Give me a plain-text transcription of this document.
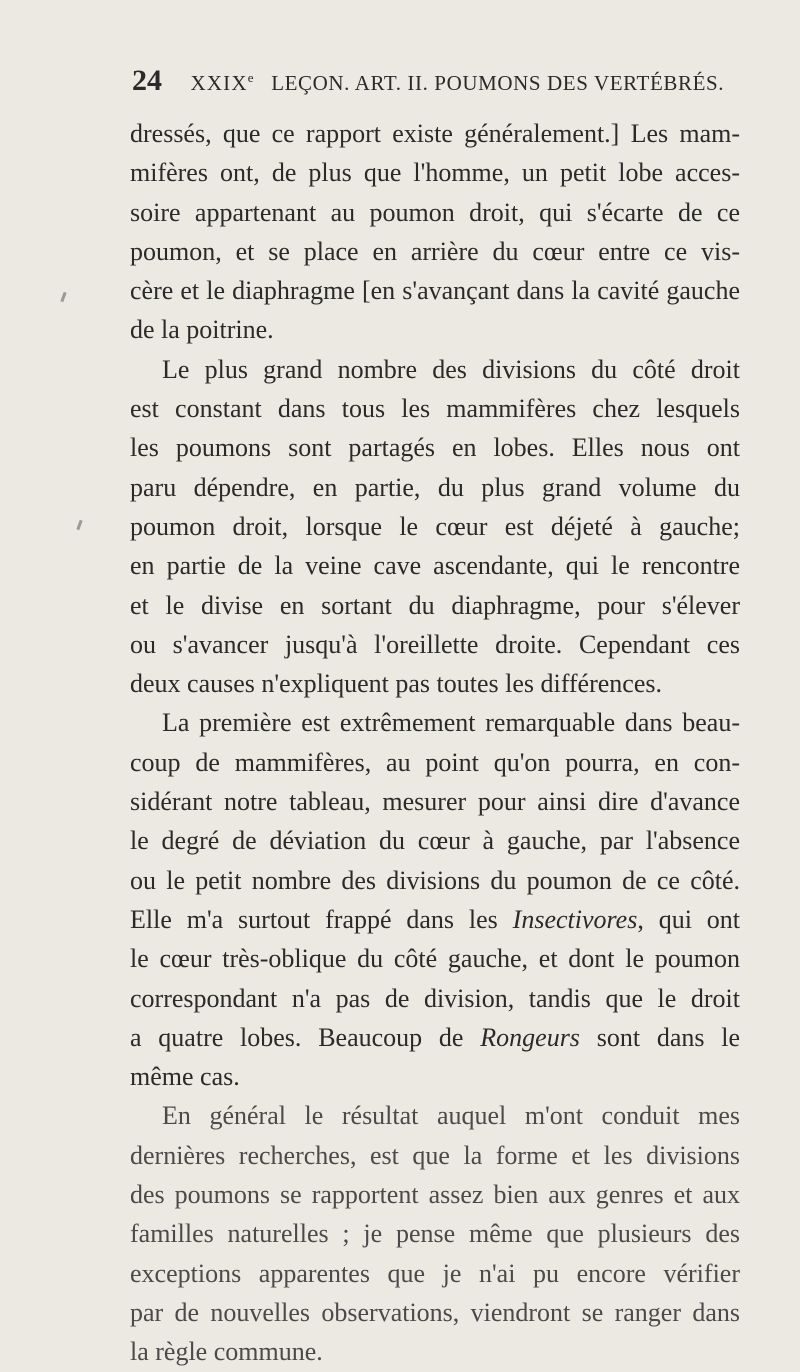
24 XXIXe LEÇON. ART. II. POUMONS DES VERTÉBRÉS.
dressés, que ce rapport existe généralement.] Les mam-
mifères ont, de plus que l'homme, un petit lobe acces-
soire appartenant au poumon droit, qui s'écarte de ce
poumon, et se place en arrière du cœur entre ce vis-
cère et le diaphragme [en s'avançant dans la cavité gauche
de la poitrine.
Le plus grand nombre des divisions du côté droit
est constant dans tous les mammifères chez lesquels
les poumons sont partagés en lobes. Elles nous ont
paru dépendre, en partie, du plus grand volume du
poumon droit, lorsque le cœur est déjeté à gauche;
en partie de la veine cave ascendante, qui le rencontre
et le divise en sortant du diaphragme, pour s'élever
ou s'avancer jusqu'à l'oreillette droite. Cependant ces
deux causes n'expliquent pas toutes les différences.
La première est extrêmement remarquable dans beau-
coup de mammifères, au point qu'on pourra, en con-
sidérant notre tableau, mesurer pour ainsi dire d'avance
le degré de déviation du cœur à gauche, par l'absence
ou le petit nombre des divisions du poumon de ce côté.
Elle m'a surtout frappé dans les Insectivores, qui ont
le cœur très-oblique du côté gauche, et dont le poumon
correspondant n'a pas de division, tandis que le droit
a quatre lobes. Beaucoup de Rongeurs sont dans le
même cas.
En général le résultat auquel m'ont conduit mes
dernières recherches, est que la forme et les divisions
des poumons se rapportent assez bien aux genres et aux
familles naturelles ; je pense même que plusieurs des
exceptions apparentes que je n'ai pu encore vérifier
par de nouvelles observations, viendront se ranger dans
la règle commune.
